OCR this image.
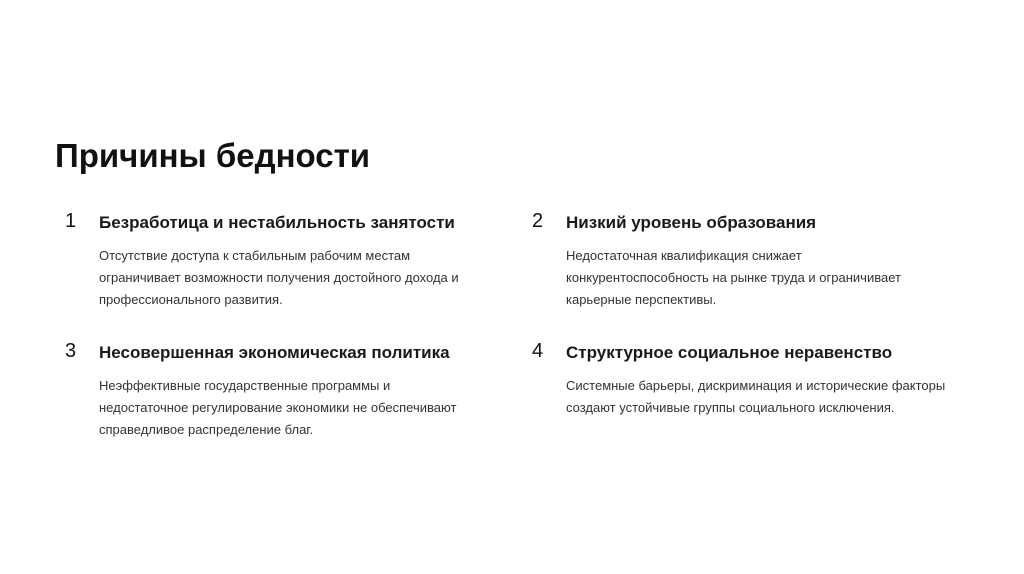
Причины бедности
1 Безработица и нестабильность занятости
Отсутствие доступа к стабильным рабочим местам
ограничивает возможности получения достойного дохода и
профессионального развития.
2 Низкий уровень образования
Недостаточная квалификация снижает
конкурентоспособность на рынке труда и ограничивает
карьерные перспективы.
3 Несовершенная экономическая политика
Неэффективные государственные программы и
недостаточное регулирование экономики не обеспечивают
справедливое распределение благ.
4 Структурное социальное неравенство
Системные барьеры, дискриминация и исторические факторы
создают устойчивые группы социального исключения.
